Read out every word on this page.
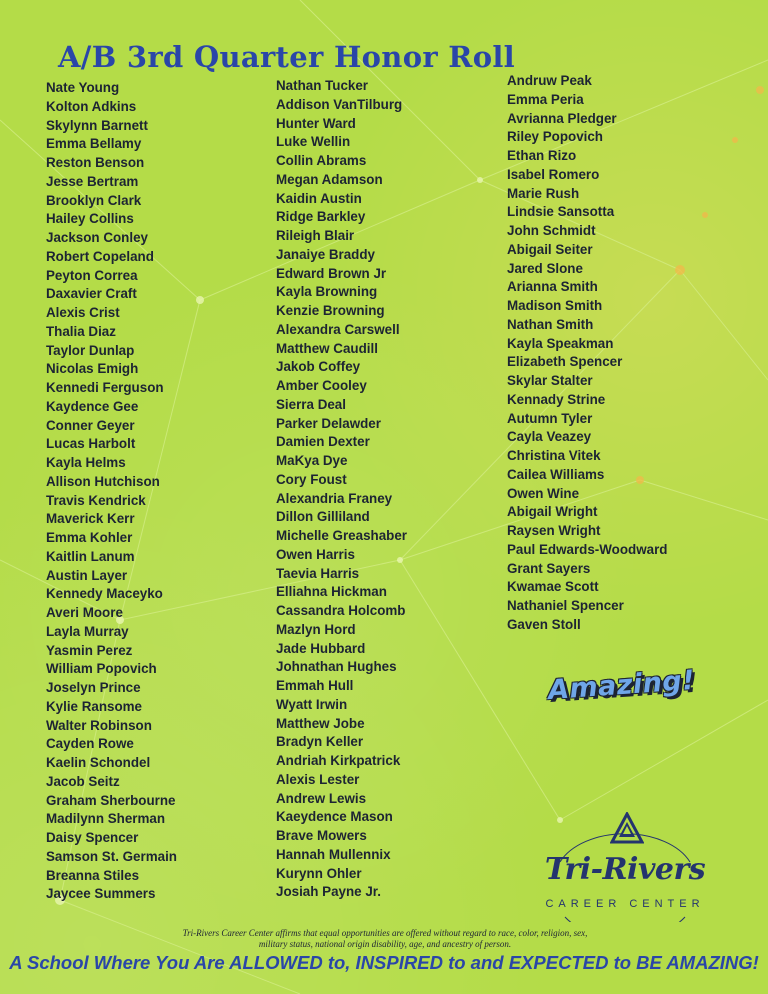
A/B 3rd Quarter Honor Roll
Nate Young
Kolton Adkins
Skylynn Barnett
Emma Bellamy
Reston Benson
Jesse Bertram
Brooklyn Clark
Hailey Collins
Jackson Conley
Robert Copeland
Peyton Correa
Daxavier Craft
Alexis Crist
Thalia Diaz
Taylor Dunlap
Nicolas Emigh
Kennedi Ferguson
Kaydence Gee
Conner Geyer
Lucas Harbolt
Kayla Helms
Allison Hutchison
Travis Kendrick
Maverick Kerr
Emma Kohler
Kaitlin Lanum
Austin Layer
Kennedy Maceyko
Averi Moore
Layla Murray
Yasmin Perez
William Popovich
Joselyn Prince
Kylie Ransome
Walter Robinson
Cayden Rowe
Kaelin Schondel
Jacob Seitz
Graham Sherbourne
Madilynn Sherman
Daisy Spencer
Samson St. Germain
Breanna Stiles
Jaycee Summers
Nathan Tucker
Addison VanTilburg
Hunter Ward
Luke Wellin
Collin Abrams
Megan Adamson
Kaidin Austin
Ridge Barkley
Rileigh Blair
Janaiye Braddy
Edward Brown Jr
Kayla Browning
Kenzie Browning
Alexandra Carswell
Matthew Caudill
Jakob Coffey
Amber Cooley
Sierra Deal
Parker Delawder
Damien Dexter
MaKya Dye
Cory Foust
Alexandria Franey
Dillon Gilliland
Michelle Greashaber
Owen Harris
Taevia Harris
Elliahna Hickman
Cassandra Holcomb
Mazlyn Hord
Jade Hubbard
Johnathan Hughes
Emmah Hull
Wyatt Irwin
Matthew Jobe
Bradyn Keller
Andriah Kirkpatrick
Alexis Lester
Andrew Lewis
Kaeydence Mason
Brave Mowers
Hannah Mullennix
Kurynn Ohler
Josiah Payne Jr.
Andruw Peak
Emma Peria
Avrianna Pledger
Riley Popovich
Ethan Rizo
Isabel Romero
Marie Rush
Lindsie Sansotta
John Schmidt
Abigail Seiter
Jared Slone
Arianna Smith
Madison Smith
Nathan Smith
Kayla Speakman
Elizabeth Spencer
Skylar Stalter
Kennady Strine
Autumn Tyler
Cayla Veazey
Christina Vitek
Cailea Williams
Owen Wine
Abigail Wright
Raysen Wright
Paul Edwards-Woodward
Grant Sayers
Kwamae Scott
Nathaniel Spencer
Gaven Stoll
Amazing!
Tri-Rivers
CAREER CENTER
Tri-Rivers Career Center affirms that equal opportunities are offered without regard to race, color, religion, sex,
military status, national origin disability, age, and ancestry of person.
A School Where You Are ALLOWED to, INSPIRED to and EXPECTED to BE AMAZING!
